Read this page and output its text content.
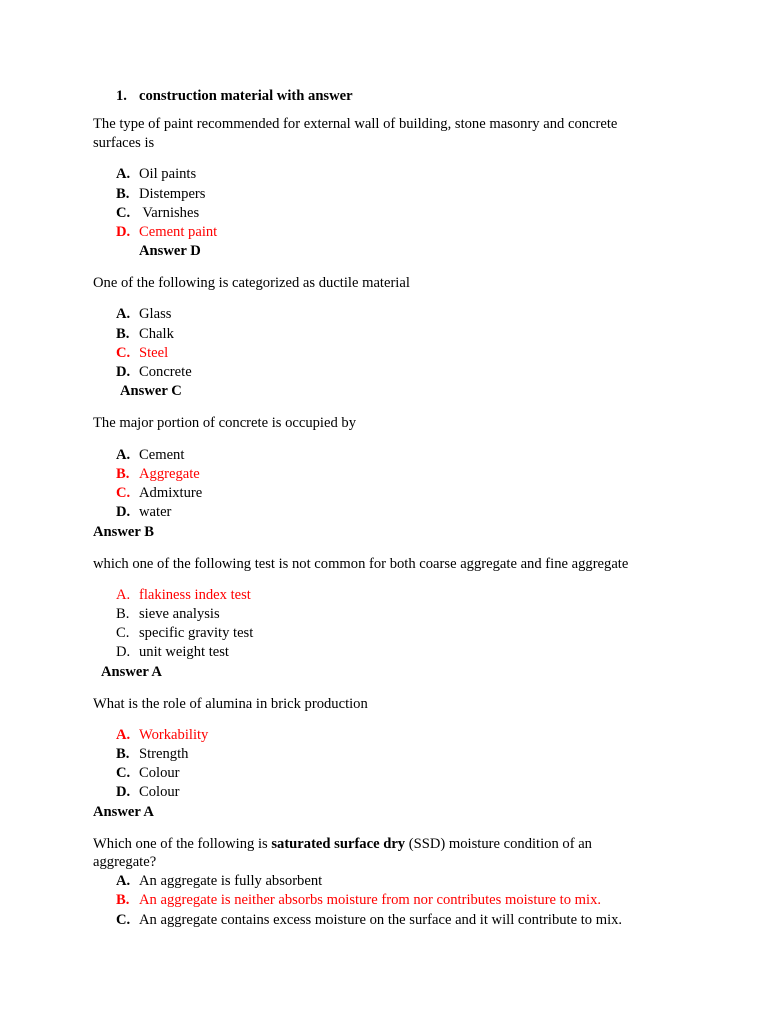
1. construction material with answer
The type of paint recommended for external wall of building, stone masonry and concrete
surfaces is
A. Oil paints
B. Distempers
C. Varnishes
D. Cement paint
Answer D
One of the following is categorized as ductile material
A. Glass
B. Chalk
C. Steel
D. Concrete
Answer C
The major portion of concrete is occupied by
A. Cement
B. Aggregate
C. Admixture
D. water
Answer B
which one of the following test is not common for both coarse aggregate and fine aggregate
A. flakiness index test
B. sieve analysis
C. specific gravity test
D. unit weight test
Answer A
What is the role of alumina in brick production
A. Workability
B. Strength
C. Colour
D. Colour
Answer A
Which one of the following is saturated surface dry (SSD) moisture condition of an
aggregate?
A. An aggregate is fully absorbent
B. An aggregate is neither absorbs moisture from nor contributes moisture to mix.
C. An aggregate contains excess moisture on the surface and it will contribute to mix.
